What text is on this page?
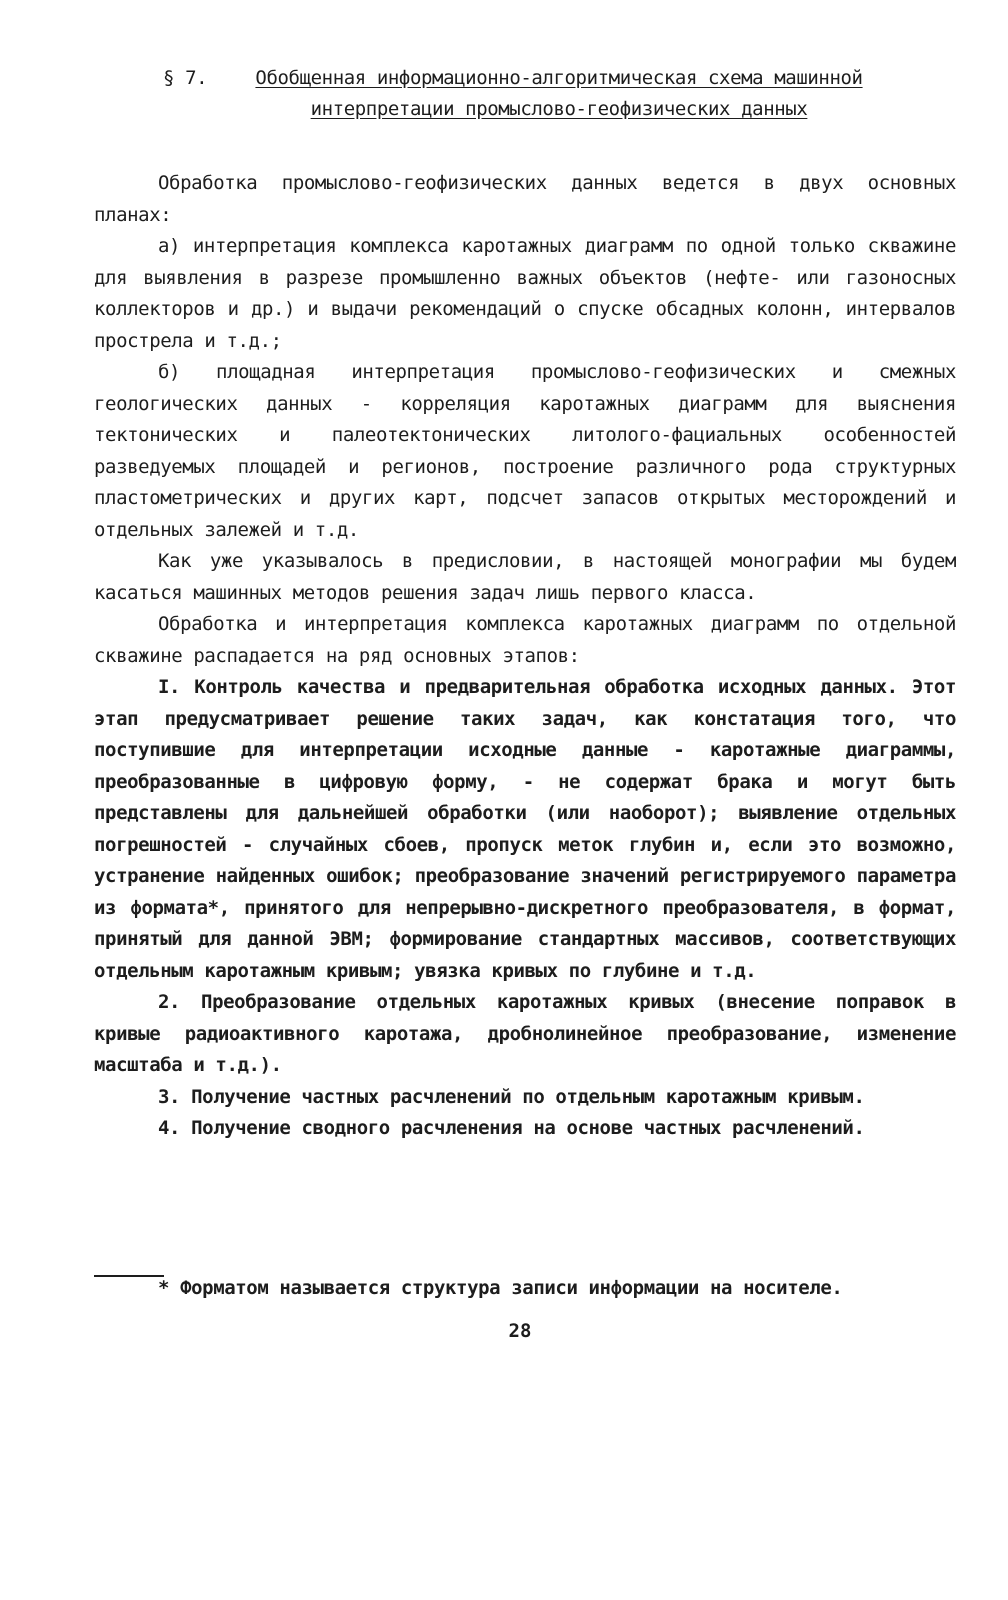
§ 7.	Обобщенная информационно-алгоритмическая схема машинной интерпретации промыслово-геофизических данных

Обработка промыслово-геофизических данных ведется в двух основных планах:

а) интерпретация комплекса каротажных диаграмм по одной только скважине для выявления в разрезе промышленно важных объектов (нефте- или газоносных коллекторов и др.) и выдачи рекомендаций о спуске обсадных колонн, интервалов прострела и т.д.;

б) площадная интерпретация промыслово-геофизических и смежных геологических данных - корреляция каротажных диаграмм для выяснения тектонических и палеотектонических литолого-фациальных особенностей разведуемых площадей и регионов, построение различного рода структурных пластометрических и других карт, подсчет запасов открытых месторождений и отдельных залежей и т.д.

Как уже указывалось в предисловии, в настоящей монографии мы будем касаться машинных методов решения задач лишь первого класса.

Обработка и интерпретация комплекса каротажных диаграмм по отдельной скважине распадается на ряд основных этапов:

I. Контроль качества и предварительная обработка исходных данных. Этот этап предусматривает решение таких задач, как констатация того, что поступившие для интерпретации исходные данные - каротажные диаграммы, преобразованные в цифровую форму, - не содержат брака и могут быть представлены для дальнейшей обработки (или наоборот); выявление отдельных погрешностей - случайных сбоев, пропуск меток глубин и, если это возможно, устранение найденных ошибок; преобразование значений регистрируемого параметра из формата*, принятого для непрерывно-дискретного преобразователя, в формат, принятый для данной ЭВМ; формирование стандартных массивов, соответствующих отдельным каротажным кривым; увязка кривых по глубине и т.д.

2. Преобразование отдельных каротажных кривых (внесение поправок в кривые радиоактивного каротажа, дробнолинейное преобразование, изменение масштаба и т.д.).

3. Получение частных расчленений по отдельным каротажным кривым.

4. Получение сводного расчленения на основе частных расчленений.

* Форматом называется структура записи информации на носителе.
28
